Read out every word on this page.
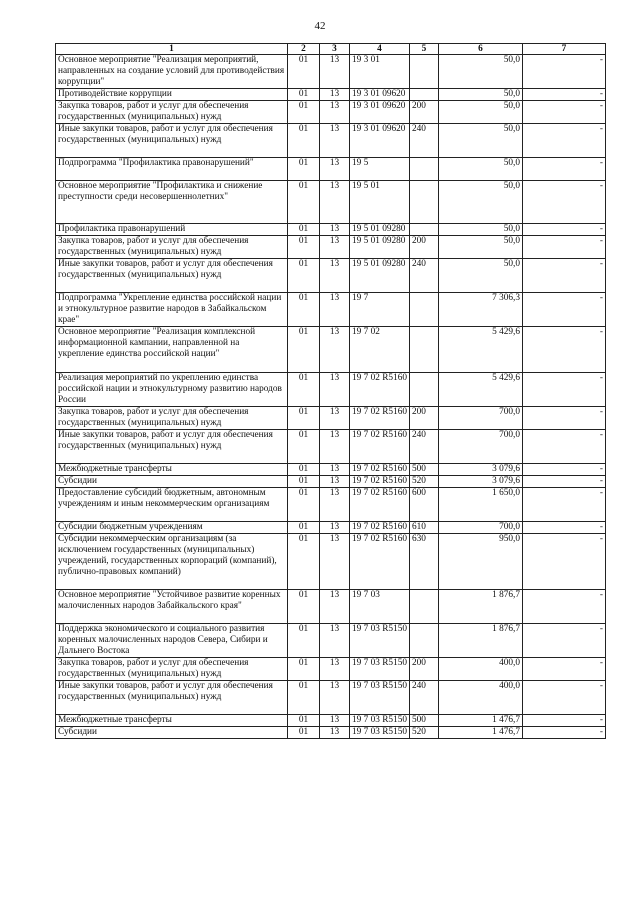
42
1	2	3	4	5	6	7
Основное мероприятие "Реализация мероприятий, направленных на создание условий для противодействия коррупции"	01	13	19 3 01		50,0	-
Противодействие коррупции	01	13	19 3 01 09620		50,0	-
Закупка товаров, работ и услуг для обеспечения государственных (муниципальных) нужд	01	13	19 3 01 09620	200	50,0	-
Иные закупки товаров, работ и услуг для обеспечения государственных (муниципальных) нужд	01	13	19 3 01 09620	240	50,0	-
Подпрограмма "Профилактика правонарушений"	01	13	19 5		50,0	-
Основное мероприятие "Профилактика и снижение преступности среди несовершеннолетних"	01	13	19 5 01		50,0	-
Профилактика правонарушений	01	13	19 5 01 09280		50,0	-
Закупка товаров, работ и услуг для обеспечения государственных (муниципальных) нужд	01	13	19 5 01 09280	200	50,0	-
Иные закупки товаров, работ и услуг для обеспечения государственных (муниципальных) нужд	01	13	19 5 01 09280	240	50,0	-
Подпрограмма "Укрепление единства российской нации и этнокультурное развитие народов в Забайкальском крае"	01	13	19 7		7 306,3	-
Основное мероприятие "Реализация комплексной информационной кампании, направленной на укрепление единства российской нации"	01	13	19 7 02		5 429,6	-
Реализация мероприятий по укреплению единства российской нации и этнокультурному развитию народов России	01	13	19 7 02 R5160		5 429,6	-
Закупка товаров, работ и услуг для обеспечения государственных (муниципальных) нужд	01	13	19 7 02 R5160	200	700,0	-
Иные закупки товаров, работ и услуг для обеспечения государственных (муниципальных) нужд	01	13	19 7 02 R5160	240	700,0	-
Межбюджетные трансферты	01	13	19 7 02 R5160	500	3 079,6	-
Субсидии	01	13	19 7 02 R5160	520	3 079,6	-
Предоставление субсидий бюджетным, автономным учреждениям и иным некоммерческим организациям	01	13	19 7 02 R5160	600	1 650,0	-
Субсидии бюджетным учреждениям	01	13	19 7 02 R5160	610	700,0	-
Субсидии некоммерческим организациям (за исключением государственных (муниципальных) учреждений, государственных корпораций (компаний), публично-правовых компаний)	01	13	19 7 02 R5160	630	950,0	-
Основное мероприятие "Устойчивое развитие коренных малочисленных народов Забайкальского края"	01	13	19 7 03		1 876,7	-
Поддержка экономического и социального развития коренных малочисленных народов Севера, Сибири и Дальнего Востока	01	13	19 7 03 R5150		1 876,7	-
Закупка товаров, работ и услуг для обеспечения государственных (муниципальных) нужд	01	13	19 7 03 R5150	200	400,0	-
Иные закупки товаров, работ и услуг для обеспечения государственных (муниципальных) нужд	01	13	19 7 03 R5150	240	400,0	-
Межбюджетные трансферты	01	13	19 7 03 R5150	500	1 476,7	-
Субсидии	01	13	19 7 03 R5150	520	1 476,7	-
